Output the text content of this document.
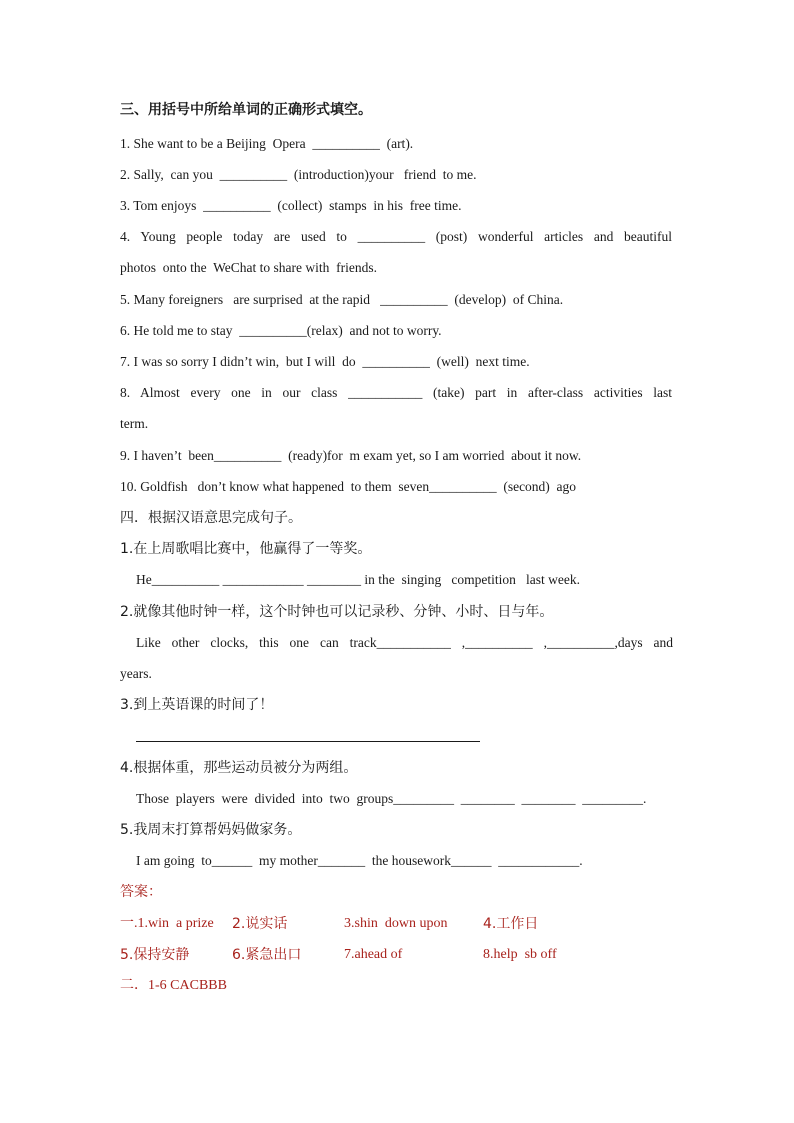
三、用括号中所给单词的正确形式填空。
1. She want to be a Beijing  Opera  __________  (art).
2. Sally,  can you  __________  (introduction)your   friend  to me.
3. Tom enjoys  __________  (collect)  stamps  in his  free time.
4. Young people today are used to __________ (post) wonderful articles and beautiful
photos  onto the  WeChat to share with  friends.
5. Many foreigners   are surprised  at the rapid   __________  (develop)  of China.
6. He told me to stay  __________(relax)  and not to worry.
7. I was so sorry I didn’t win,  but I will  do  __________  (well)  next time.
8. Almost every one in our class ___________ (take) part in after-class activities last
term.
9. I haven’t  been__________  (ready)for  m exam yet, so I am worried  about it now.
10. Goldfish   don’t know what happened  to them  seven__________  (second)  ago
四．根据汉语意思完成句子。
1.在上周歌唱比赛中，他赢得了一等奖。
He__________ ____________ ________ in the  singing   competition   last week.
2.就像其他时钟一样，这个时钟也可以记录秒、分钟、小时、日与年。
Like other clocks, this one can track___________ ,__________ ,__________,days and
years.
3.到上英语课的时间了！
4.根据体重，那些运动员被分为两组。
Those  players  were  divided  into  two  groups_________  ________  ________  _________.
5.我周末打算帮妈妈做家务。
I am going  to______  my mother_______  the housework______  ____________.
答案：
一.1.win  a prize 2.说实话	3.shin  down upon	4.工作日
5.保持安静	6.紧急出口	7.ahead of	8.help  sb off
二．1-6 CACBBB
